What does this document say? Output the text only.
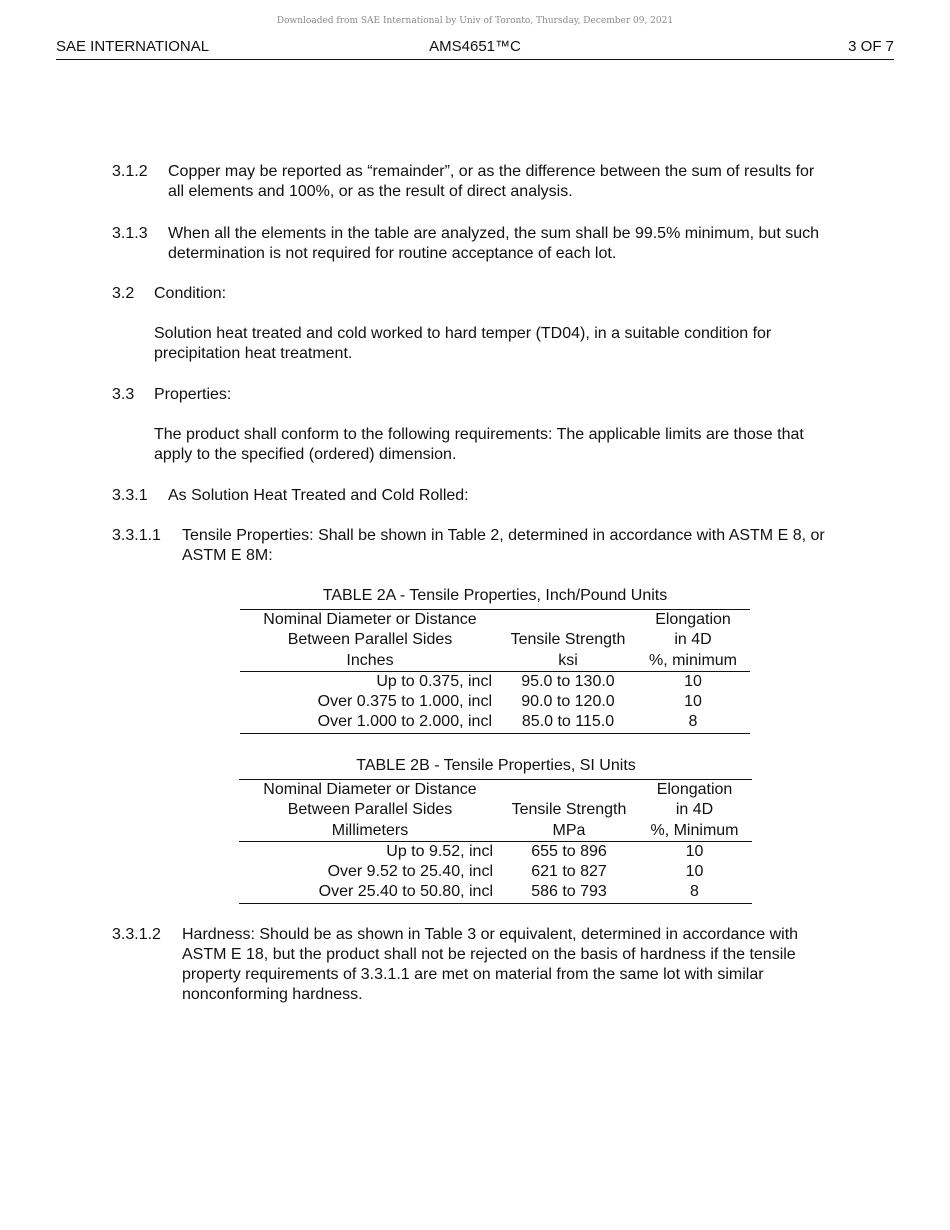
Downloaded from SAE International by Univ of Toronto, Thursday, December 09, 2021
SAE INTERNATIONAL	AMS4651™C	3 OF 7
3.1.2 Copper may be reported as “remainder”, or as the difference between the sum of results for
all elements and 100%, or as the result of direct analysis.
3.1.3 When all the elements in the table are analyzed, the sum shall be 99.5% minimum, but such
determination is not required for routine acceptance of each lot.
3.2 Condition:
Solution heat treated and cold worked to hard temper (TD04), in a suitable condition for
precipitation heat treatment.
3.3 Properties:
The product shall conform to the following requirements: The applicable limits are those that
apply to the specified (ordered) dimension.
3.3.1 As Solution Heat Treated and Cold Rolled:
3.3.1.1 Tensile Properties: Shall be shown in Table 2, determined in accordance with ASTM E 8, or
ASTM E 8M:
TABLE 2A - Tensile Properties, Inch/Pound Units
Nominal Diameter or Distance		Elongation
Between Parallel Sides	Tensile Strength	in 4D
Inches	ksi	%, minimum
Up to 0.375, incl	95.0 to 130.0	10
Over 0.375 to 1.000, incl	90.0 to 120.0	10
Over 1.000 to 2.000, incl	85.0 to 115.0	8
TABLE 2B - Tensile Properties, SI Units
Nominal Diameter or Distance		Elongation
Between Parallel Sides	Tensile Strength	in 4D
Millimeters	MPa	%, Minimum
Up to 9.52, incl	655 to 896	10
Over 9.52 to 25.40, incl	621 to 827	10
Over 25.40 to 50.80, incl	586 to 793	8
3.3.1.2 Hardness: Should be as shown in Table 3 or equivalent, determined in accordance with
ASTM E 18, but the product shall not be rejected on the basis of hardness if the tensile
property requirements of 3.3.1.1 are met on material from the same lot with similar
nonconforming hardness.
